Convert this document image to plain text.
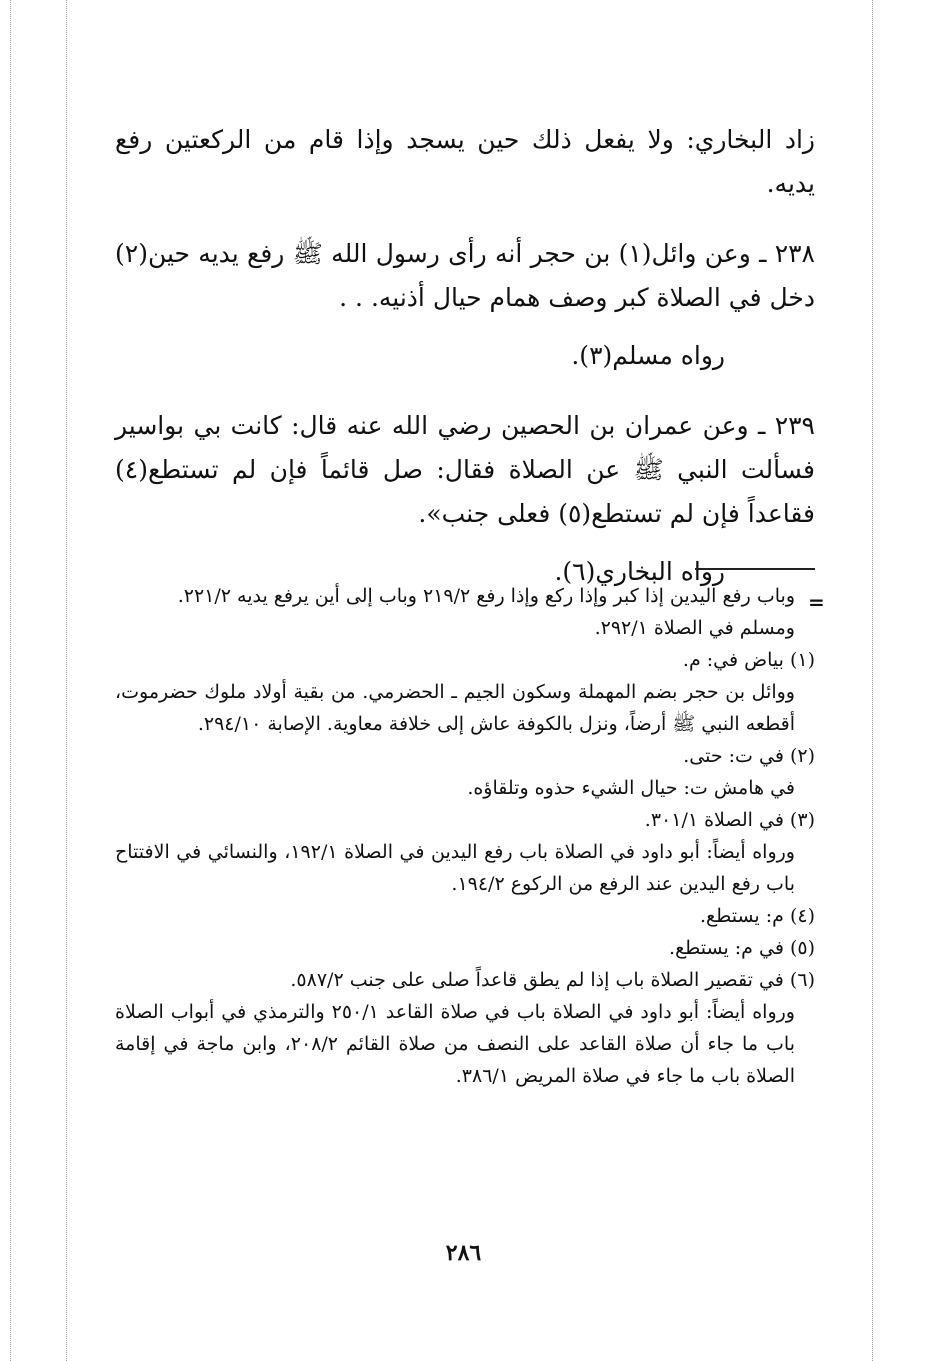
زاد البخاري: ولا يفعل ذلك حين يسجد وإذا قام من الركعتين رفع يديه.

٢٣٨ ـ وعن وائل(١) بن حجر أنه رأى رسول الله ﷺ رفع يديه حين(٢) دخل في الصلاة كبر وصف همام حيال أذنيه. . .

رواه مسلم(٣).

٢٣٩ ـ وعن عمران بن الحصين رضي الله عنه قال: كانت بي بواسير فسألت النبي ﷺ عن الصلاة فقال: صل قائماً فإن لم تستطع(٤) فقاعداً فإن لم تستطع(٥) فعلى جنب».

رواه البخاري(٦).

=

وباب رفع اليدين إذا كبر وإذا ركع وإذا رفع ٢١٩/٢ وباب إلى أين يرفع يديه ٢٢١/٢.

ومسلم في الصلاة ٢٩٢/١.

(١) بياض في: م.

ووائل بن حجر بضم المهملة وسكون الجيم ـ الحضرمي. من بقية أولاد ملوك حضرموت، أقطعه النبي ﷺ أرضاً، ونزل بالكوفة عاش إلى خلافة معاوية. الإصابة ٢٩٤/١٠.

(٢) في ت: حتى.

في هامش ت: حيال الشيء حذوه وتلقاؤه.

(٣) في الصلاة ٣٠١/١.

ورواه أيضاً: أبو داود في الصلاة باب رفع اليدين في الصلاة ١٩٢/١، والنسائي في الافتتاح باب رفع اليدين عند الرفع من الركوع ١٩٤/٢.

(٤) م: يستطع.

(٥) في م: يستطع.

(٦) في تقصير الصلاة باب إذا لم يطق قاعداً صلى على جنب ٥٨٧/٢.

ورواه أيضاً: أبو داود في الصلاة باب في صلاة القاعد ٢٥٠/١ والترمذي في أبواب الصلاة باب ما جاء أن صلاة القاعد على النصف من صلاة القائم ٢٠٨/٢، وابن ماجة في إقامة الصلاة باب ما جاء في صلاة المريض ٣٨٦/١.

٢٨٦
